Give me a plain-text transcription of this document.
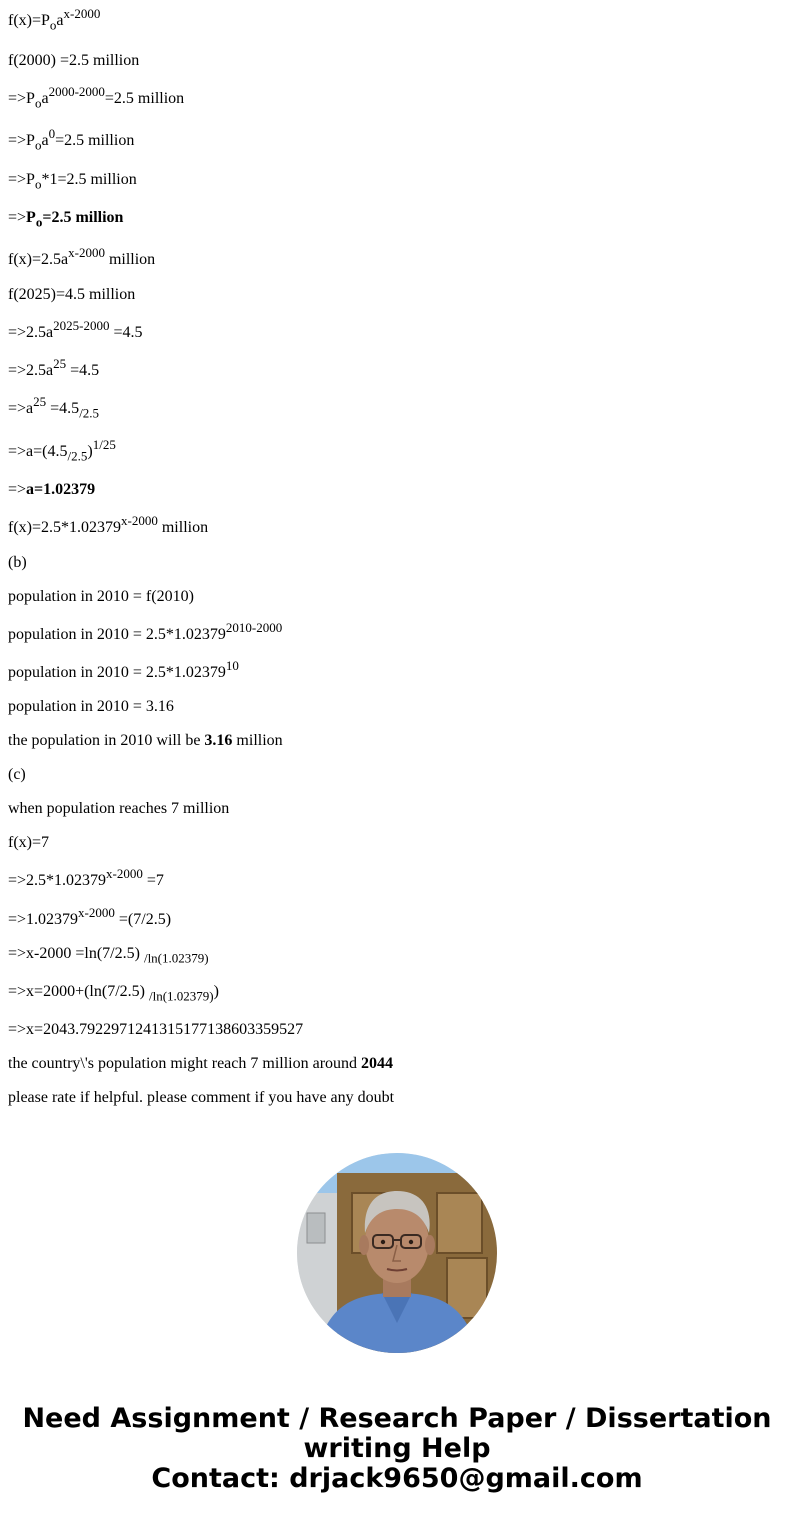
$f(x)=P_oa^{x-2000}$

f(2000) =2.5 million

$=>P_oa^{2000-2000}=2.5$ million

$=>P_oa^0=2.5$ million

$=>P_o*1=2.5$ million

$=>P_o=2.5$ million

$f(x)=2.5a^{x-2000}$ million

f(2025)=4.5 million

$=>2.5a^{2025-2000} =4.5$

$=>2.5a^{25} =4.5$

$=>a^{25} =4.5_{/2.5}$

$=>a=(4.5_{/2.5})^{1/25}$

=>a=1.02379

$f(x)=2.5*1.02379^{x-2000}$ million

(b)

population in 2010 = f(2010)

population in $2010 = 2.5*1.02379^{2010-2000}$

population in $2010 = 2.5*1.02379^{10}$

population in 2010 = 3.16

the population in 2010 will be 3.16 million

(c)

when population reaches 7 million

f(x)=7

$=>2.5*1.02379^{x-2000} =7$

$=>1.02379^{x-2000} =(7/2.5)$

=>x-2000 =ln(7/2.5) $_{/ln(1.02379)}$

=>x=2000+(ln(7/2.5) $_{/ln(1.02379)}$)

=>x=2043.7922971241315177138603359527

the country\'s population might reach 7 million around 2044

please rate if helpful. please comment if you have any doubt

Need Assignment / Research Paper / Dissertation
writing Help
Contact: drjack9650@gmail.com
